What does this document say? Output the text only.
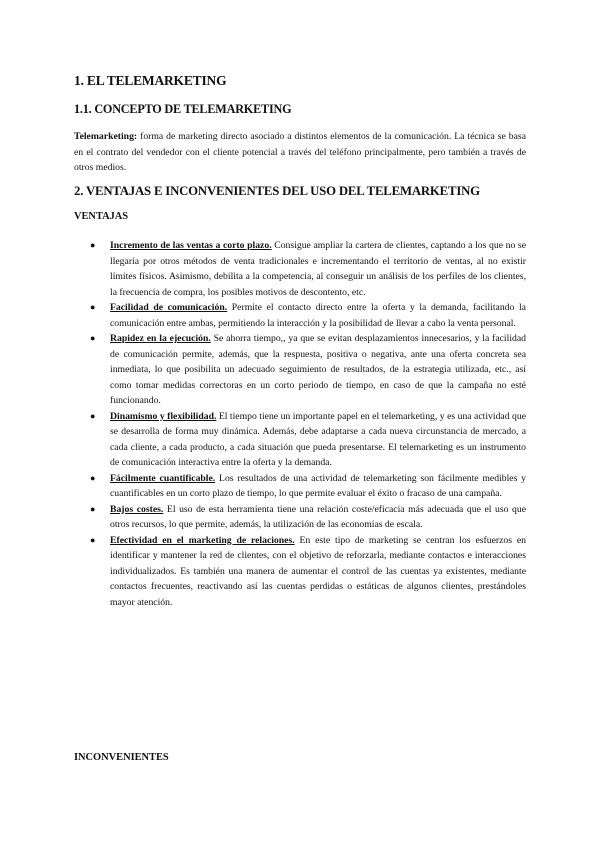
1. EL TELEMARKETING
1.1. CONCEPTO DE TELEMARKETING
Telemarketing: forma de marketing directo asociado a distintos elementos de la comunicación. La técnica se basa en el contrato del vendedor con el cliente potencial a través del teléfono principalmente, pero también a través de otros medios.
2. VENTAJAS E INCONVENIENTES DEL USO DEL TELEMARKETING
VENTAJAS
● Incremento de las ventas a corto plazo. Consigue ampliar la cartera de clientes, captando a los que no se llegaría por otros métodos de venta tradicionales e incrementando el territorio de ventas, al no existir límites físicos. Asimismo, debilita a la competencia, al conseguir un análisis de los perfiles de los clientes, la frecuencia de compra, los posibles motivos de descontento, etc.
● Facilidad de comunicación. Permite el contacto directo entre la oferta y la demanda, facilitando la comunicación entre ambas, permitiendo la interacción y la posibilidad de llevar a cabo la venta personal.
● Rapidez en la ejecución. Se ahorra tiempo,, ya que se evitan desplazamientos innecesarios, y la facilidad de comunicación permite, además, que la respuesta, positiva o negativa, ante una oferta concreta sea inmediata, lo que posibilita un adecuado seguimiento de resultados, de la estrategia utilizada, etc., así como tomar medidas correctoras en un corto periodo de tiempo, en caso de que la campaña no esté funcionando.
● Dinamismo y flexibilidad. El tiempo tiene un importante papel en el telemarketing, y es una actividad que se desarrolla de forma muy dinámica. Además, debe adaptarse a cada nueva circunstancia de mercado, a cada cliente, a cada producto, a cada situación que pueda presentarse. El telemarketing es un instrumento de comunicación interactiva entre la oferta y la demanda.
● Fácilmente cuantificable. Los resultados de una actividad de telemarketing son fácilmente medibles y cuantificables en un corto plazo de tiempo, lo que permite evaluar el éxito o fracaso de una campaña.
● Bajos costes. El uso de esta herramienta tiene una relación coste/eficacia más adecuada que el uso que otros recursos, lo que permite, además, la utilización de las economías de escala.
● Efectividad en el marketing de relaciones. En este tipo de marketing se centran los esfuerzos en identificar y mantener la red de clientes, con el objetivo de reforzarla, mediante contactos e interacciones individualizados. Es también una manera de aumentar el control de las cuentas ya existentes, mediante contactos frecuentes, reactivando así las cuentas perdidas o estáticas de algunos clientes, prestándoles mayor atención.
INCONVENIENTES
